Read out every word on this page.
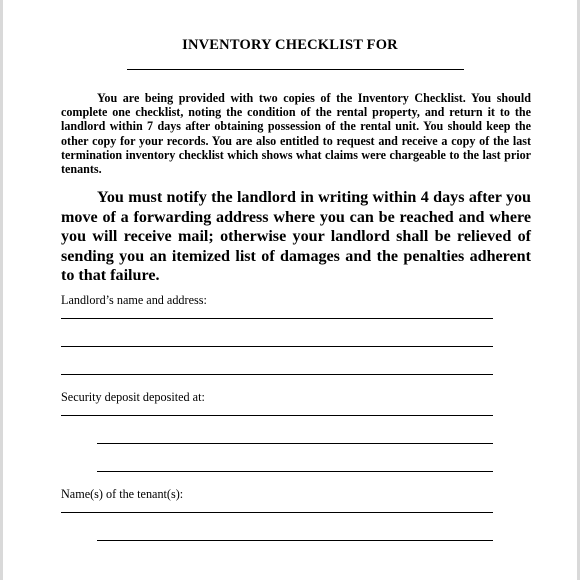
INVENTORY CHECKLIST FOR

You are being provided with two copies of the Inventory Checklist. You should complete one checklist, noting the condition of the rental property, and return it to the landlord within 7 days after obtaining possession of the rental unit. You should keep the other copy for your records. You are also entitled to request and receive a copy of the last termination inventory checklist which shows what claims were chargeable to the last prior tenants.

You must notify the landlord in writing within 4 days after you move of a forwarding address where you can be reached and where you will receive mail; otherwise your landlord shall be relieved of sending you an itemized list of damages and the penalties adherent to that failure.

Landlord’s name and address:

Security deposit deposited at:

Name(s) of the tenant(s):
